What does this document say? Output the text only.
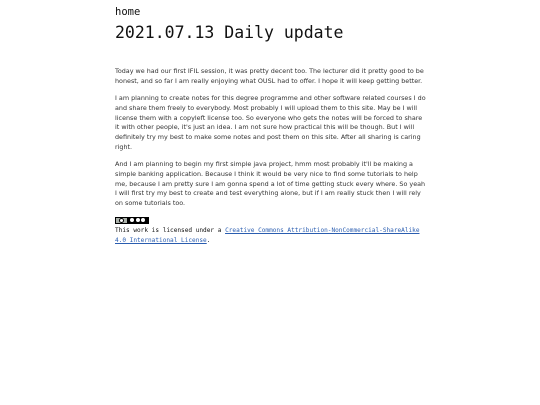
home
2021.07.13 Daily update

Today we had our first IFIL session, it was pretty decent too. The lecturer did it pretty good to be honest, and so far I am really enjoying what OUSL had to offer. I hope it will keep getting better.

I am planning to create notes for this degree programme and other software related courses I do and share them freely to everybody. Most probably I will upload them to this site. May be I will license them with a copyleft license too. So everyone who gets the notes will be forced to share it with other people, it's just an idea. I am not sure how practical this will be though. But I will definitely try my best to make some notes and post them on this site. After all sharing is caring right.

And I am planning to begin my first simple java project, hmm most probably it'll be making a simple banking application. Because I think it would be very nice to find some tutorials to help me, because I am pretty sure I am gonna spend a lot of time getting stuck every where. So yeah I will first try my best to create and test everything alone, but if I am really stuck then I will rely on some tutorials too.

This work is licensed under a Creative Commons Attribution-NonCommercial-ShareAlike 4.0 International License.
